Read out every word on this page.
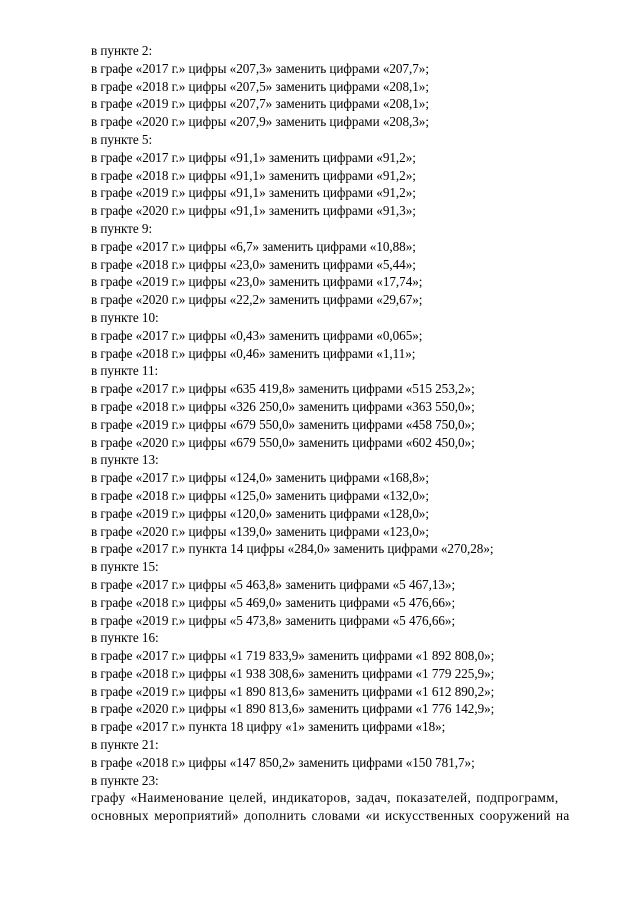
в пункте 2:
в графе «2017 г.» цифры «207,3» заменить цифрами «207,7»;
в графе «2018 г.» цифры «207,5» заменить цифрами «208,1»;
в графе «2019 г.» цифры «207,7» заменить цифрами «208,1»;
в графе «2020 г.» цифры «207,9» заменить цифрами «208,3»;
в пункте 5:
в графе «2017 г.» цифры «91,1» заменить цифрами «91,2»;
в графе «2018 г.» цифры «91,1» заменить цифрами «91,2»;
в графе «2019 г.» цифры «91,1» заменить цифрами «91,2»;
в графе «2020 г.» цифры «91,1» заменить цифрами «91,3»;
в пункте 9:
в графе «2017 г.» цифры «6,7» заменить цифрами «10,88»;
в графе «2018 г.» цифры «23,0» заменить цифрами «5,44»;
в графе «2019 г.» цифры «23,0» заменить цифрами «17,74»;
в графе «2020 г.» цифры «22,2» заменить цифрами «29,67»;
в пункте 10:
в графе «2017 г.» цифры «0,43» заменить цифрами «0,065»;
в графе «2018 г.» цифры «0,46» заменить цифрами «1,11»;
в пункте 11:
в графе «2017 г.» цифры «635 419,8» заменить цифрами «515 253,2»;
в графе «2018 г.» цифры «326 250,0» заменить цифрами «363 550,0»;
в графе «2019 г.» цифры «679 550,0» заменить цифрами «458 750,0»;
в графе «2020 г.» цифры «679 550,0» заменить цифрами «602 450,0»;
в пункте 13:
в графе «2017 г.» цифры «124,0» заменить цифрами «168,8»;
в графе «2018 г.» цифры «125,0» заменить цифрами «132,0»;
в графе «2019 г.» цифры «120,0» заменить цифрами «128,0»;
в графе «2020 г.» цифры «139,0» заменить цифрами «123,0»;
в графе «2017 г.» пункта 14 цифры «284,0» заменить цифрами «270,28»;
в пункте 15:
в графе «2017 г.» цифры «5 463,8» заменить цифрами «5 467,13»;
в графе «2018 г.» цифры «5 469,0» заменить цифрами «5 476,66»;
в графе «2019 г.» цифры «5 473,8» заменить цифрами «5 476,66»;
в пункте 16:
в графе «2017 г.» цифры «1 719 833,9» заменить цифрами «1 892 808,0»;
в графе «2018 г.» цифры «1 938 308,6» заменить цифрами «1 779 225,9»;
в графе «2019 г.» цифры «1 890 813,6» заменить цифрами «1 612 890,2»;
в графе «2020 г.» цифры «1 890 813,6» заменить цифрами «1 776 142,9»;
в графе «2017 г.» пункта 18 цифру «1» заменить цифрами «18»;
в пункте 21:
в графе «2018 г.» цифры «147 850,2» заменить цифрами «150 781,7»;
в пункте 23:
графу «Наименование целей, индикаторов, задач, показателей, подпрограмм,
основных мероприятий» дополнить словами «и искусственных сооружений на
